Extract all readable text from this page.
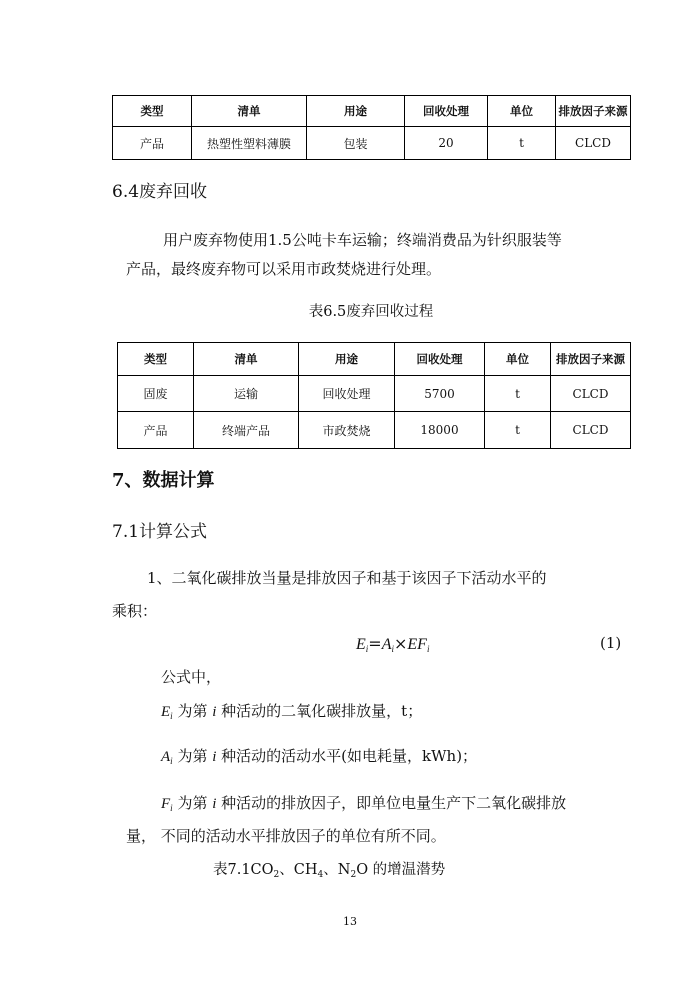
类型	清单	用途	回收处理	单位	排放因子来源
产品	热塑性塑料薄膜	包装	20	t	CLCD
6.4废弃回收
用户废弃物使用1.5公吨卡车运输；终端消费品为针织服装等
产品，最终废弃物可以采用市政焚烧进行处理。
表6.5废弃回收过程
类型	清单	用途	回收处理	单位	排放因子来源
固废	运输	回收处理	5700	t	CLCD
产品	终端产品	市政焚烧	18000	t	CLCD
7、数据计算
7.1计算公式
1、二氧化碳排放当量是排放因子和基于该因子下活动水平的
乘积：
$E_i=A_i\times EF_i$	(1)
公式中，
$E_i$ 为第 i 种活动的二氧化碳排放量，t；
$A_i$ 为第 i 种活动的活动水平(如电耗量，kWh)；
$F_i$ 为第 i 种活动的排放因子，即单位电量生产下二氧化碳排放
量， 不同的活动水平排放因子的单位有所不同。
表$7.1CO_2$、$CH_4$、$N_2O$ 的增温潜势
13
